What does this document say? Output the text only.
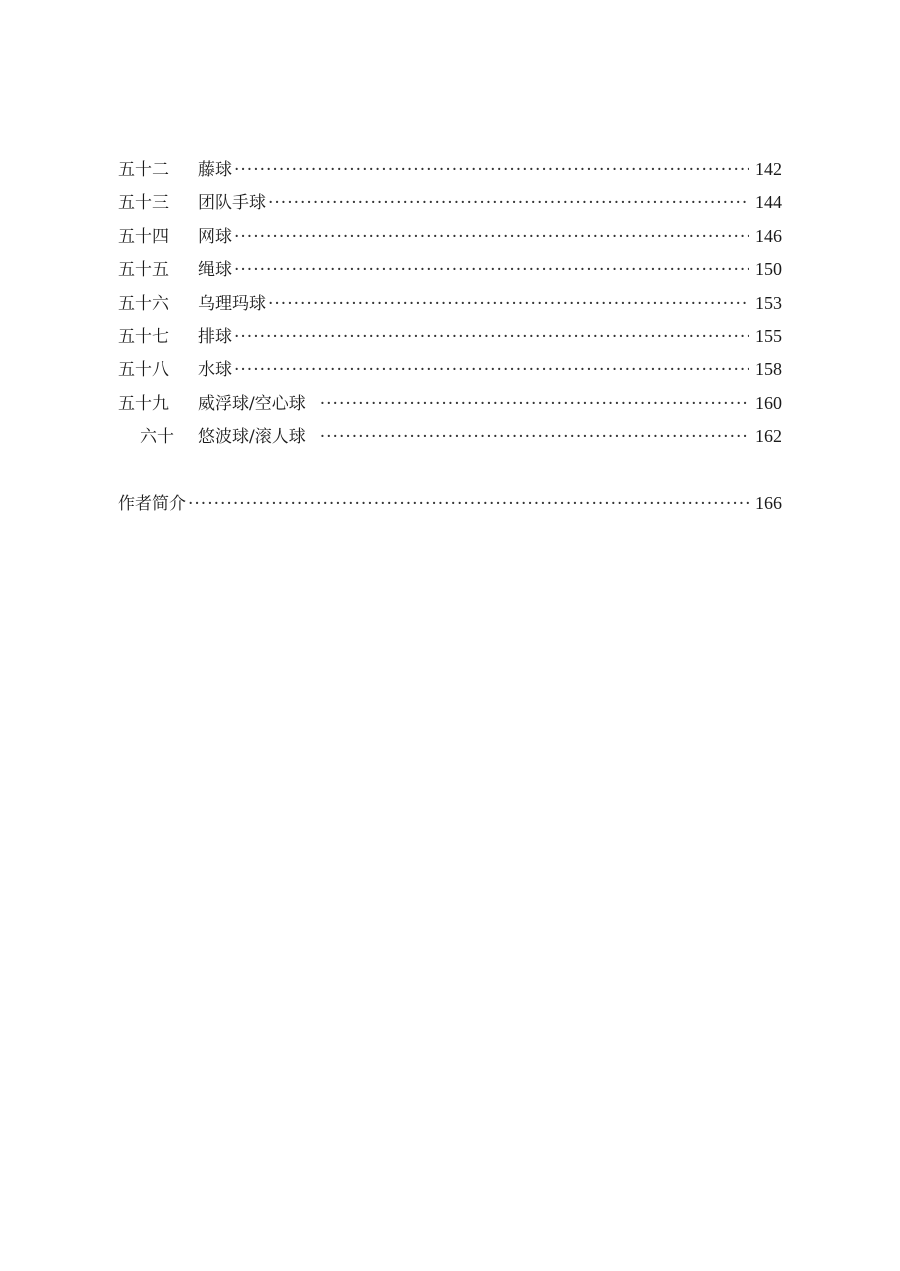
五十二	藤球 ·····	142
五十三	团队手球 ·····	144
五十四	网球 ·····	146
五十五	绳球 ·····	150
五十六	乌理玛球 ·····	153
五十七	排球 ·····	155
五十八	水球 ·····	158
五十九	威浮球/空心球 ·····	160
六十	悠波球/滚人球 ·····	162
作者简介 ·····	166
